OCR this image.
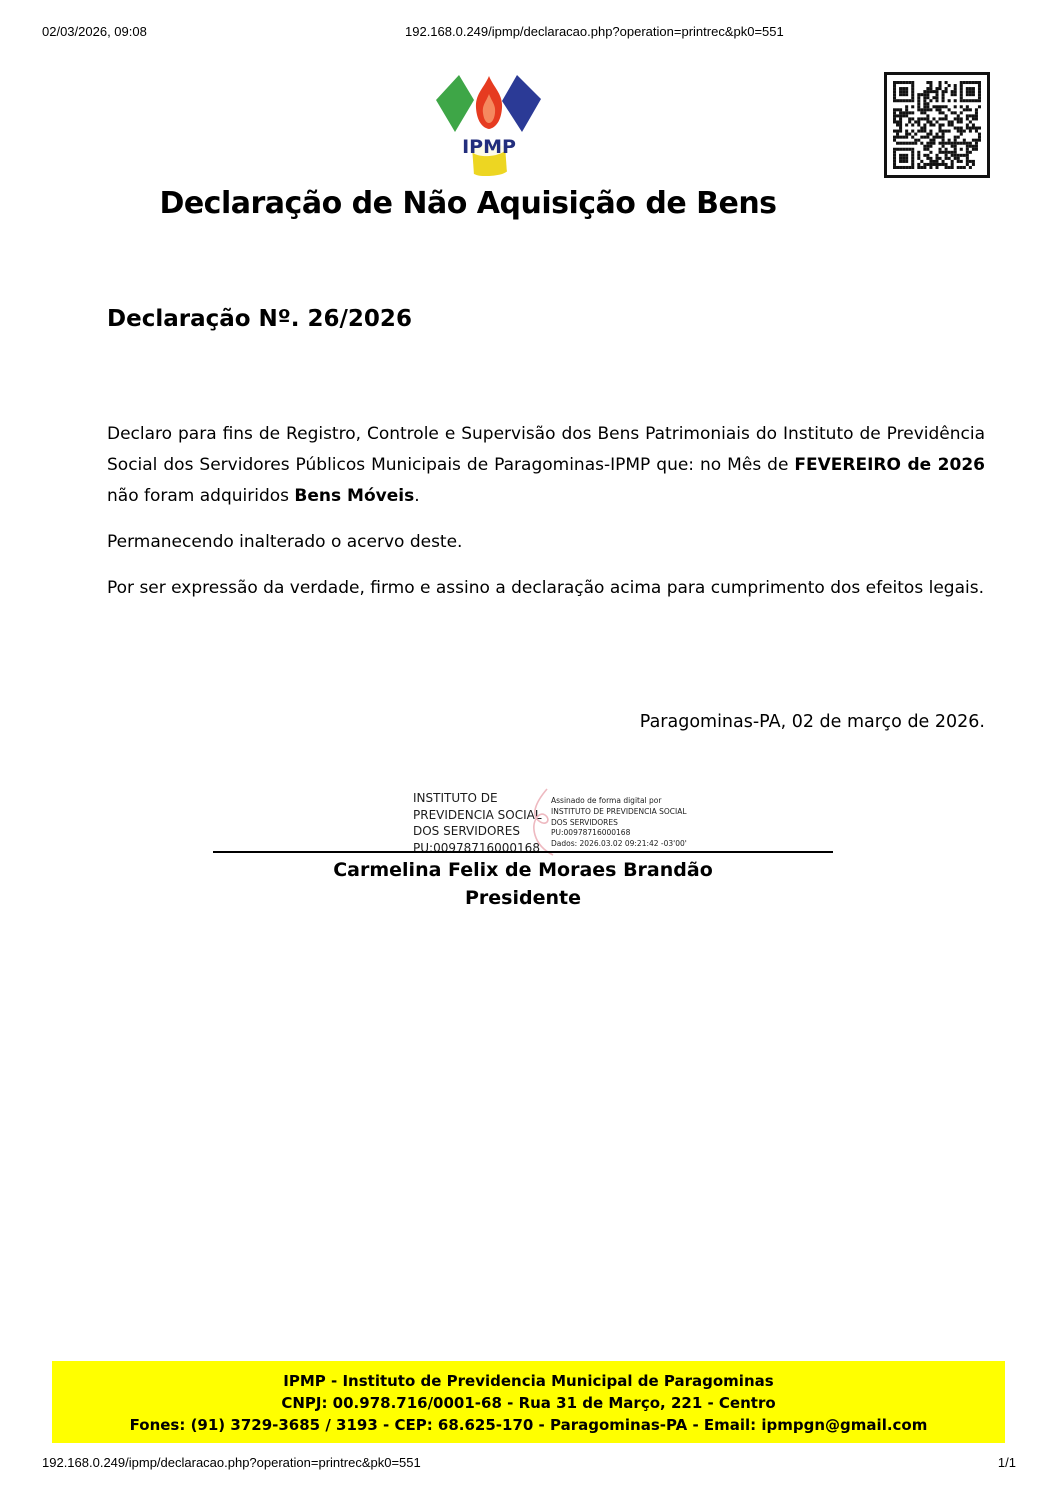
02/03/2026, 09:08	192.168.0.249/ipmp/declaracao.php?operation=printrec&pk0=551
IPMP
Declaração de Não Aquisição de Bens
Declaração Nº. 26/2026

Declaro para fins de Registro, Controle e Supervisão dos Bens Patrimoniais do Instituto de Previdência Social dos Servidores Públicos Municipais de Paragominas-IPMP que: no Mês de FEVEREIRO de 2026 não foram adquiridos Bens Móveis.

Permanecendo inalterado o acervo deste.

Por ser expressão da verdade, firmo e assino a declaração acima para cumprimento dos efeitos legais.

Paragominas-PA, 02 de março de 2026.
INSTITUTO DE
PREVIDENCIA SOCIAL
DOS SERVIDORES
PU:00978716000168
Assinado de forma digital por
INSTITUTO DE PREVIDENCIA SOCIAL
DOS SERVIDORES
PU:00978716000168
Dados: 2026.03.02 09:21:42 -03'00'
Carmelina Felix de Moraes Brandão
Presidente
IPMP - Instituto de Previdencia Municipal de Paragominas
CNPJ: 00.978.716/0001-68 - Rua 31 de Março, 221 - Centro
Fones: (91) 3729-3685 / 3193 - CEP: 68.625-170 - Paragominas-PA - Email: ipmpgn@gmail.com
192.168.0.249/ipmp/declaracao.php?operation=printrec&pk0=551	1/1
